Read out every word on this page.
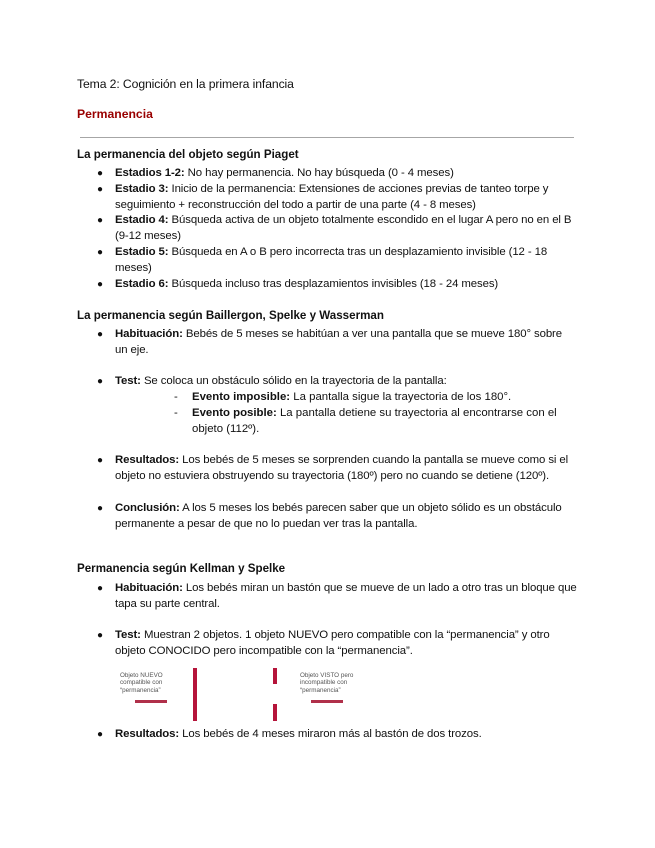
Tema 2: Cognición en la primera infancia
Permanencia
La permanencia del objeto según Piaget
● Estadios 1-2: No hay permanencia. No hay búsqueda (0 - 4 meses)
● Estadio 3: Inicio de la permanencia: Extensiones de acciones previas de tanteo torpe y seguimiento + reconstrucción del todo a partir de una parte (4 - 8 meses)
● Estadio 4: Búsqueda activa de un objeto totalmente escondido en el lugar A pero no en el B (9-12 meses)
● Estadio 5: Búsqueda en A o B pero incorrecta tras un desplazamiento invisible (12 - 18 meses)
● Estadio 6: Búsqueda incluso tras desplazamientos invisibles (18 - 24 meses)
La permanencia según Baillergon, Spelke y Wasserman
● Habituación: Bebés de 5 meses se habitúan a ver una pantalla que se mueve 180° sobre un eje.
● Test: Se coloca un obstáculo sólido en la trayectoria de la pantalla:
- Evento imposible: La pantalla sigue la trayectoria de los 180°.
- Evento posible: La pantalla detiene su trayectoria al encontrarse con el objeto (112º).
● Resultados: Los bebés de 5 meses se sorprenden cuando la pantalla se mueve como si el objeto no estuviera obstruyendo su trayectoria (180º) pero no cuando se detiene (120º).
● Conclusión: A los 5 meses los bebés parecen saber que un objeto sólido es un obstáculo permanente a pesar de que no lo puedan ver tras la pantalla.
Permanencia según Kellman y Spelke
● Habituación: Los bebés miran un bastón que se mueve de un lado a otro tras un bloque que tapa su parte central.
● Test: Muestran 2 objetos. 1 objeto NUEVO pero compatible con la “permanencia” y otro objeto CONOCIDO pero incompatible con la “permanencia”.
Objeto NUEVO compatible con “permanencia”
Objeto VISTO pero incompatible con “permanencia”
● Resultados: Los bebés de 4 meses miraron más al bastón de dos trozos.
